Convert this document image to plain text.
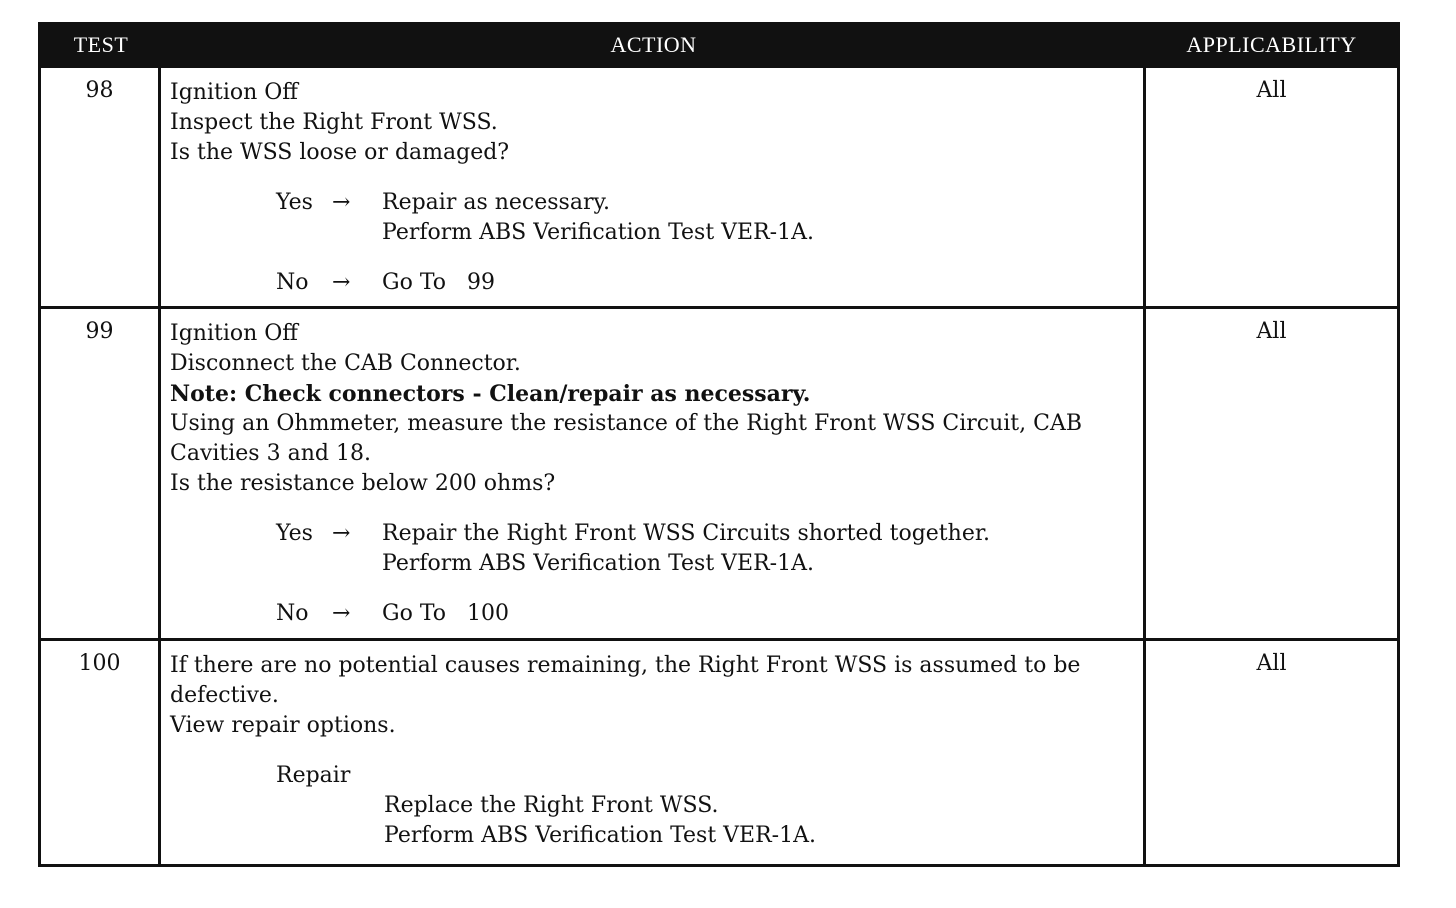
TEST	ACTION	APPLICABILITY
98	Ignition Off
Inspect the Right Front WSS.
Is the WSS loose or damaged?
Yes →	Repair as necessary.
Perform ABS Verification Test VER-1A.
No	→	Go To   99
All
99	Ignition Off
Disconnect the CAB Connector.
Note: Check connectors - Clean/repair as necessary.
Using an Ohmmeter, measure the resistance of the Right Front WSS Circuit, CAB Cavities 3 and 18.
Is the resistance below 200 ohms?
Yes →	Repair the Right Front WSS Circuits shorted together.
Perform ABS Verification Test VER-1A.
No	→	Go To   100
All
100	If there are no potential causes remaining, the Right Front WSS is assumed to be defective.
View repair options.
Repair
Replace the Right Front WSS.
Perform ABS Verification Test VER-1A.
All
